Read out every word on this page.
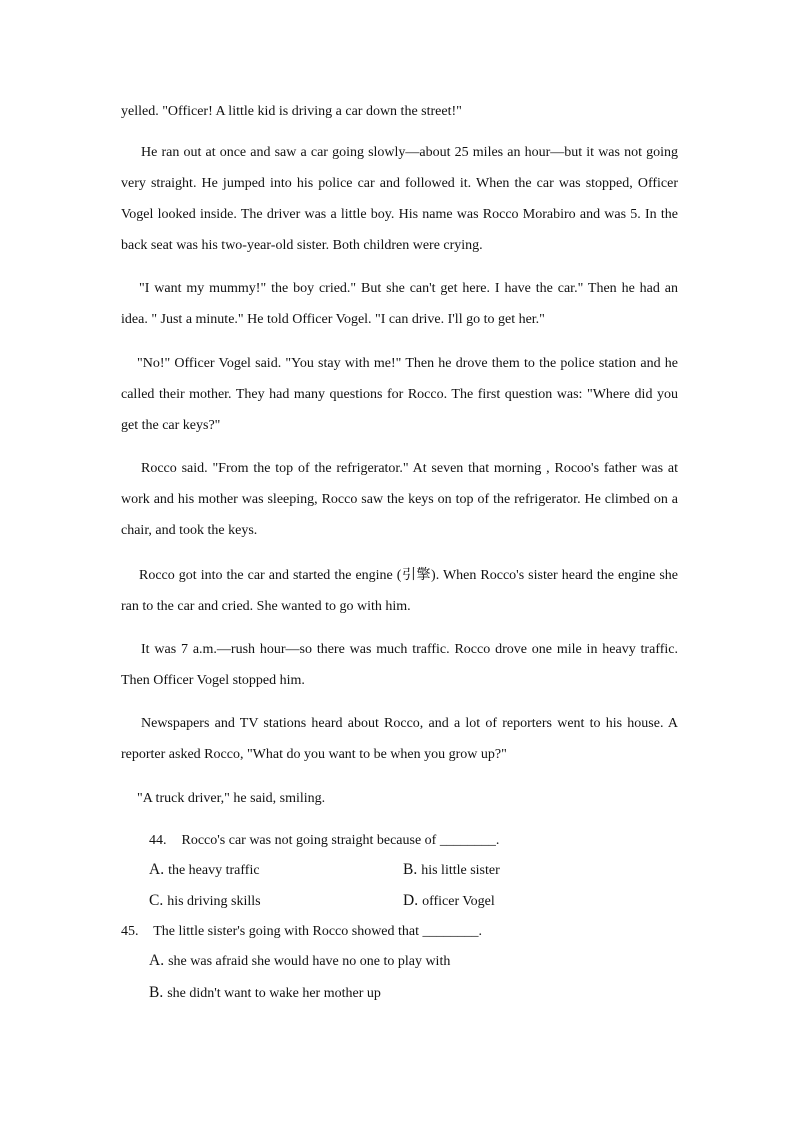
yelled. "Officer! A little kid is driving a car down the street!"
He ran out at once and saw a car going slowly—about 25 miles an hour—but it was not going very straight. He jumped into his police car and followed it. When the car was stopped, Officer Vogel looked inside. The driver was a little boy. His name was Rocco Morabiro and was 5. In the back seat was his two-year-old sister. Both children were crying.
"I want my mummy!" the boy cried." But she can't get here. I have the car." Then he had an idea. " Just a minute." He told Officer Vogel. "I can drive. I'll go to get her."
"No!" Officer Vogel said. "You stay with me!" Then he drove them to the police station and he called their mother. They had many questions for Rocco. The first question was: "Where did you get the car keys?"
Rocco said. "From the top of the refrigerator." At seven that morning , Rocoo's father was at work and his mother was sleeping, Rocco saw the keys on top of the refrigerator. He climbed on a chair, and took the keys.
Rocco got into the car and started the engine (引擎). When Rocco's sister heard the engine she ran to the car and cried. She wanted to go with him.
It was 7 a.m.—rush hour—so there was much traffic. Rocco drove one mile in heavy traffic. Then Officer Vogel stopped him.
Newspapers and TV stations heard about Rocco, and a lot of reporters went to his house. A reporter asked Rocco, "What do you want to be when you grow up?"
"A truck driver," he said, smiling.
44. Rocco's car was not going straight because of ________.
A. the heavy traffic	B. his little sister
C. his driving skills	D. officer Vogel
45. The little sister's going with Rocco showed that ________.
A. she was afraid she would have no one to play with
B. she didn't want to wake her mother up
